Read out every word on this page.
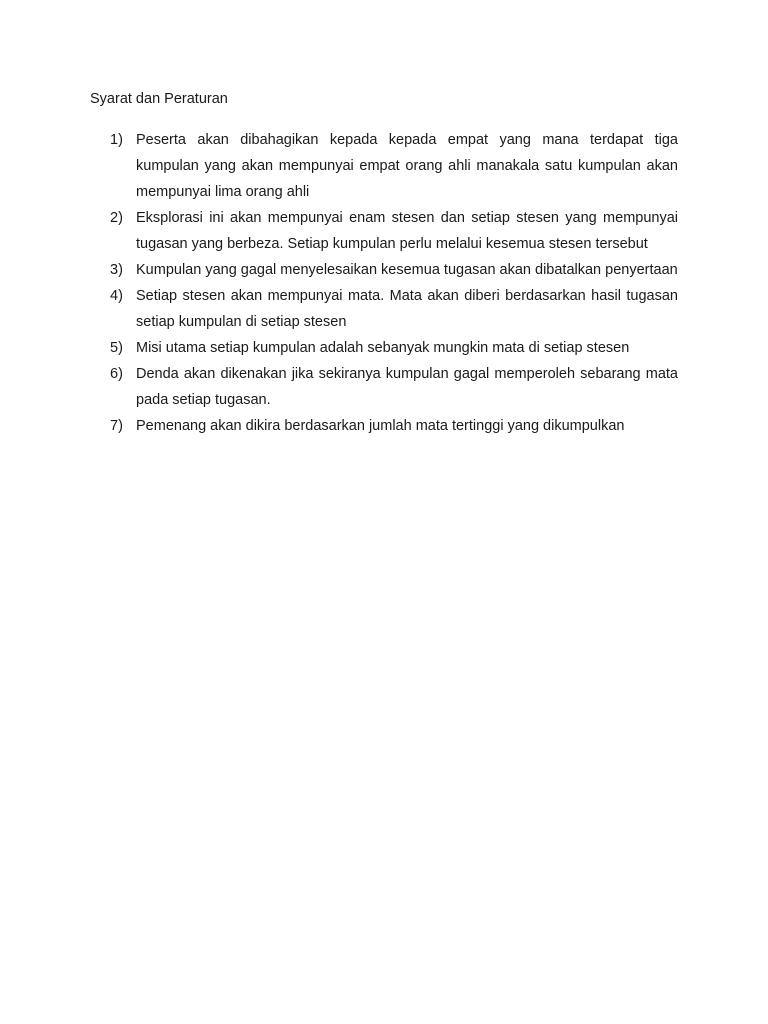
Syarat dan Peraturan
1) Peserta akan dibahagikan kepada kepada empat yang mana terdapat tiga kumpulan yang akan mempunyai empat orang ahli manakala satu kumpulan akan mempunyai lima orang ahli
2) Eksplorasi ini akan mempunyai enam stesen dan setiap stesen yang mempunyai tugasan yang berbeza. Setiap kumpulan perlu melalui kesemua stesen tersebut
3) Kumpulan yang gagal menyelesaikan kesemua tugasan akan dibatalkan penyertaan
4) Setiap stesen akan mempunyai mata. Mata akan diberi berdasarkan hasil tugasan setiap kumpulan di setiap stesen
5) Misi utama setiap kumpulan adalah sebanyak mungkin mata di setiap stesen
6) Denda akan dikenakan jika sekiranya kumpulan gagal memperoleh sebarang mata pada setiap tugasan.
7) Pemenang akan dikira berdasarkan jumlah mata tertinggi yang dikumpulkan
